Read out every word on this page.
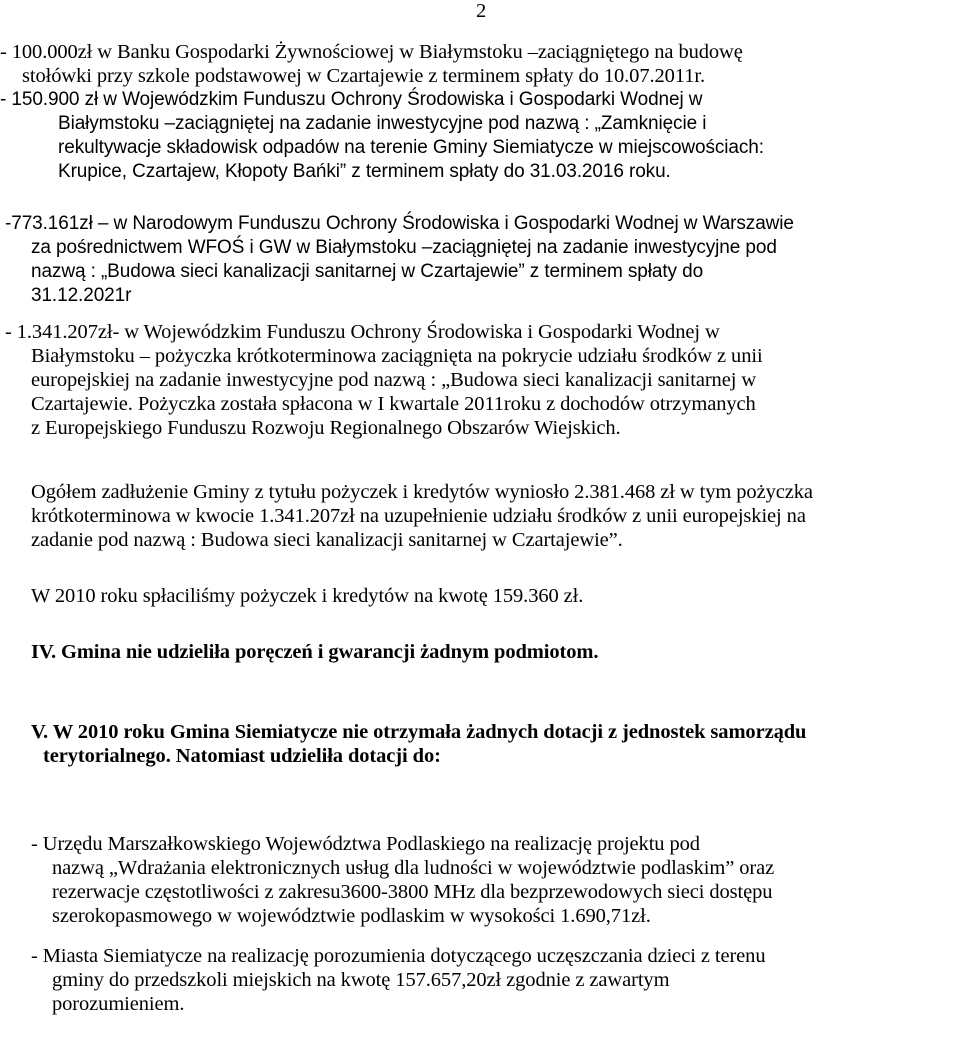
2
- 100.000zł w Banku Gospodarki Żywnościowej w Białymstoku –zaciągniętego na budowę
stołówki przy szkole podstawowej w Czartajewie z terminem spłaty do 10.07.2011r.
- 150.900 zł w Wojewódzkim Funduszu Ochrony Środowiska i Gospodarki Wodnej w
Białymstoku –zaciągniętej na zadanie inwestycyjne pod nazwą : „Zamknięcie i
rekultywacje składowisk odpadów na terenie Gminy Siemiatycze w miejscowościach:
Krupice, Czartajew, Kłopoty Bańki” z terminem spłaty do 31.03.2016 roku.
-773.161zł – w Narodowym Funduszu Ochrony Środowiska i Gospodarki Wodnej w Warszawie
za pośrednictwem WFOŚ i GW w Białymstoku –zaciągniętej na zadanie inwestycyjne pod
nazwą : „Budowa sieci kanalizacji sanitarnej w Czartajewie” z terminem spłaty do
31.12.2021r
- 1.341.207zł- w Wojewódzkim Funduszu Ochrony Środowiska i Gospodarki Wodnej w
Białymstoku – pożyczka krótkoterminowa zaciągnięta na pokrycie udziału środków z unii
europejskiej na zadanie inwestycyjne pod nazwą : „Budowa sieci kanalizacji sanitarnej w
Czartajewie. Pożyczka została spłacona w I kwartale 2011roku z dochodów otrzymanych
z Europejskiego Funduszu Rozwoju Regionalnego Obszarów Wiejskich.
Ogółem zadłużenie Gminy z tytułu pożyczek i kredytów wyniosło 2.381.468 zł w tym pożyczka
krótkoterminowa w kwocie 1.341.207zł na uzupełnienie udziału środków z unii europejskiej na
zadanie pod nazwą : Budowa sieci kanalizacji sanitarnej w Czartajewie”.
W 2010 roku spłaciliśmy pożyczek i kredytów na kwotę 159.360 zł.
IV. Gmina nie udzieliła poręczeń i gwarancji żadnym podmiotom.
V. W 2010 roku Gmina Siemiatycze nie otrzymała żadnych dotacji z jednostek samorządu
terytorialnego. Natomiast udzieliła dotacji do:
- Urzędu Marszałkowskiego Województwa Podlaskiego na realizację projektu pod
nazwą „Wdrażania elektronicznych usług dla ludności w województwie podlaskim” oraz
rezerwacje częstotliwości z zakresu3600-3800 MHz dla bezprzewodowych sieci dostępu
szerokopasmowego w województwie podlaskim w wysokości 1.690,71zł.
- Miasta Siemiatycze na realizację porozumienia dotyczącego uczęszczania dzieci z terenu
gminy do przedszkoli miejskich na kwotę 157.657,20zł zgodnie z zawartym
porozumieniem.
